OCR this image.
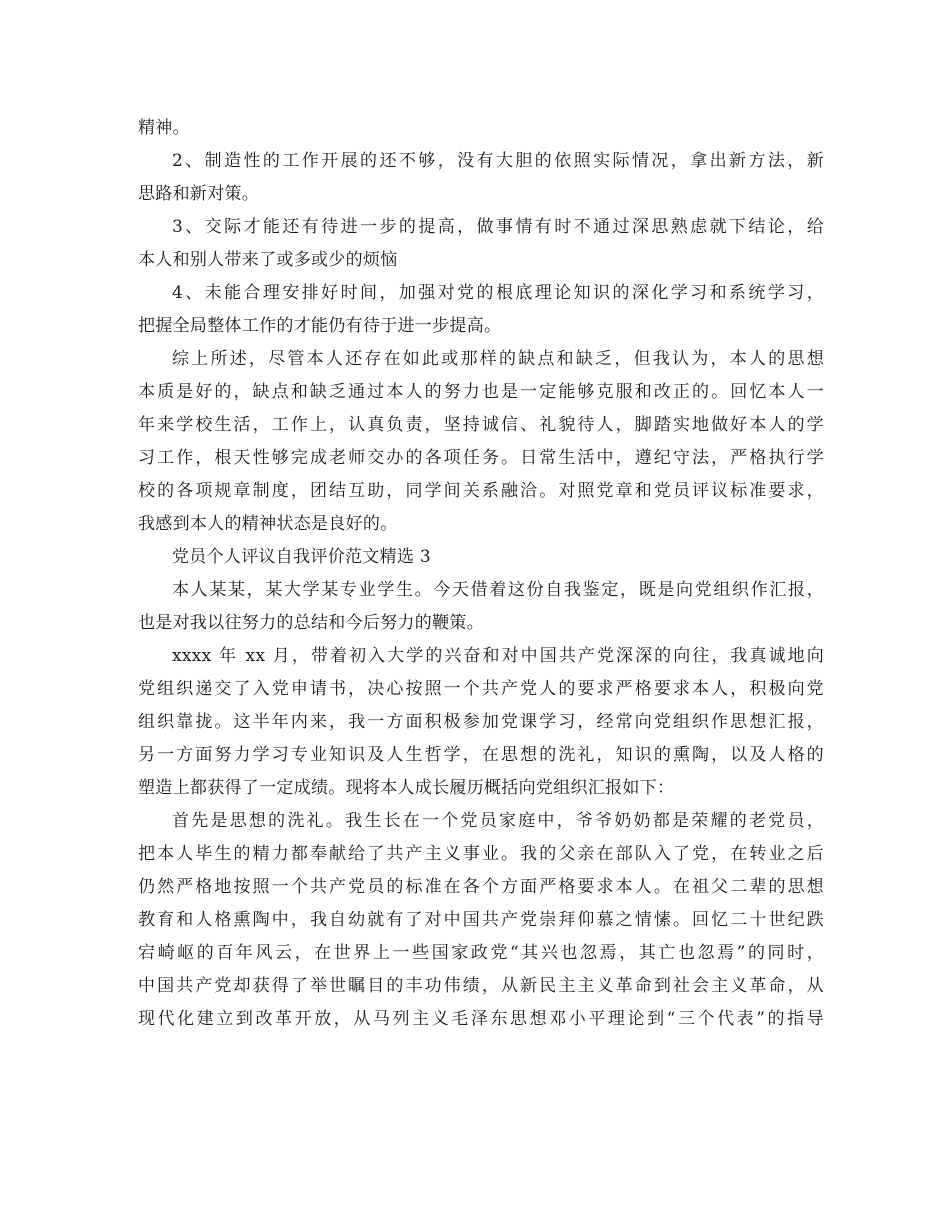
精神。
2、制造性的工作开展的还不够，没有大胆的依照实际情况，拿出新方法，新
思路和新对策。
3、交际才能还有待进一步的提高，做事情有时不通过深思熟虑就下结论，给
本人和别人带来了或多或少的烦恼
4、未能合理安排好时间，加强对党的根底理论知识的深化学习和系统学习，
把握全局整体工作的才能仍有待于进一步提高。
综上所述，尽管本人还存在如此或那样的缺点和缺乏，但我认为，本人的思想
本质是好的，缺点和缺乏通过本人的努力也是一定能够克服和改正的。回忆本人一
年来学校生活，工作上，认真负责，坚持诚信、礼貌待人，脚踏实地做好本人的学
习工作，根天性够完成老师交办的各项任务。日常生活中，遵纪守法，严格执行学
校的各项规章制度，团结互助，同学间关系融洽。对照党章和党员评议标准要求，
我感到本人的精神状态是良好的。
党员个人评议自我评价范文精选 3
本人某某，某大学某专业学生。今天借着这份自我鉴定，既是向党组织作汇报，
也是对我以往努力的总结和今后努力的鞭策。
xxxx 年 xx 月，带着初入大学的兴奋和对中国共产党深深的向往，我真诚地向
党组织递交了入党申请书，决心按照一个共产党人的要求严格要求本人，积极向党
组织靠拢。这半年内来，我一方面积极参加党课学习，经常向党组织作思想汇报，
另一方面努力学习专业知识及人生哲学，在思想的洗礼，知识的熏陶，以及人格的
塑造上都获得了一定成绩。现将本人成长履历概括向党组织汇报如下：
首先是思想的洗礼。我生长在一个党员家庭中，爷爷奶奶都是荣耀的老党员，
把本人毕生的精力都奉献给了共产主义事业。我的父亲在部队入了党，在转业之后
仍然严格地按照一个共产党员的标准在各个方面严格要求本人。在祖父二辈的思想
教育和人格熏陶中，我自幼就有了对中国共产党崇拜仰慕之情愫。回忆二十世纪跌
宕崎岖的百年风云，在世界上一些国家政党“其兴也忽焉，其亡也忽焉”的同时，
中国共产党却获得了举世瞩目的丰功伟绩，从新民主主义革命到社会主义革命，从
现代化建立到改革开放，从马列主义毛泽东思想邓小平理论到“三个代表”的指导
